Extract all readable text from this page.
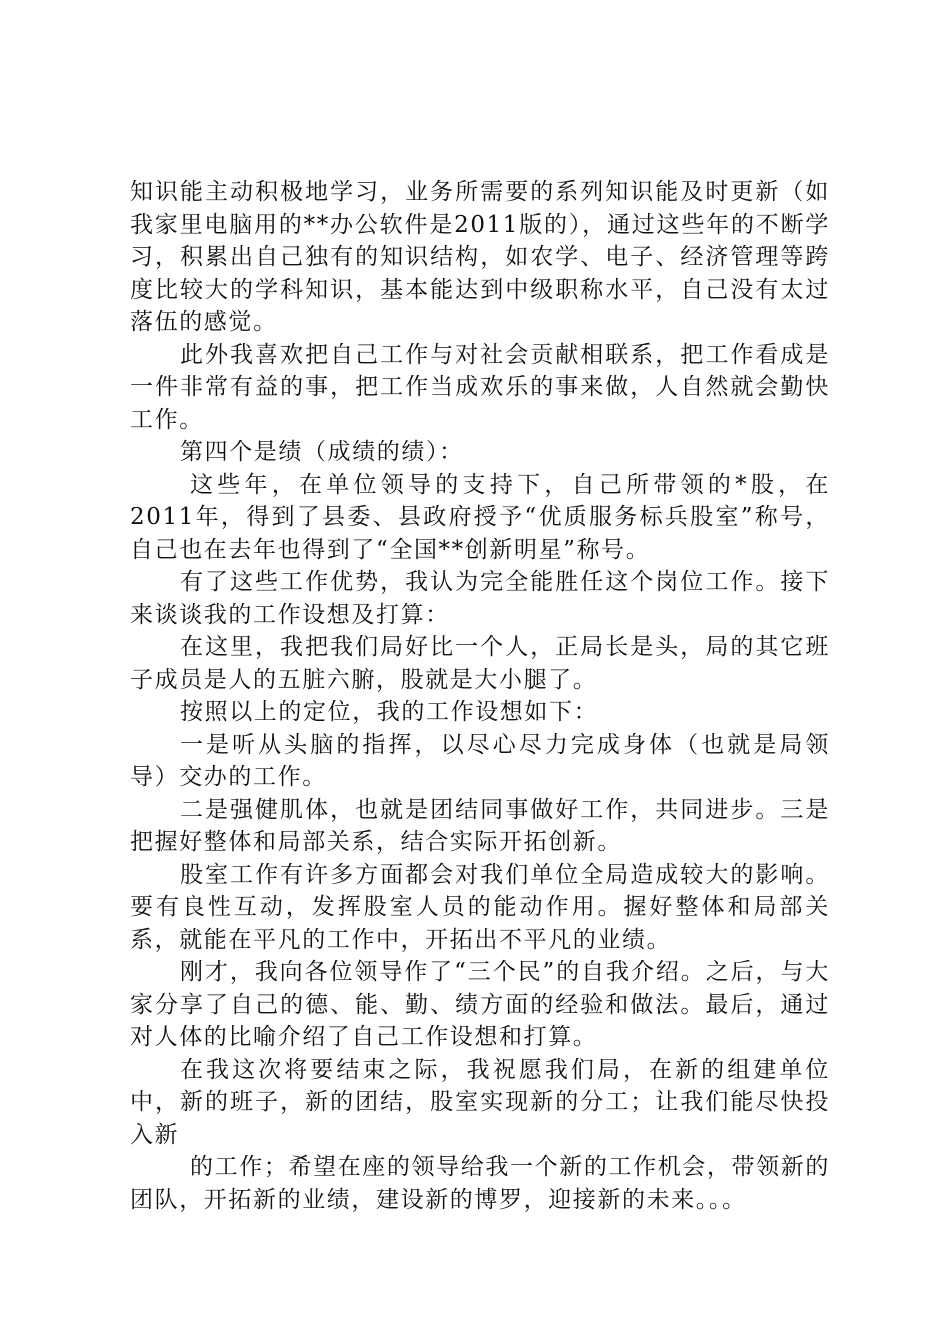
知识能主动积极地学习，业务所需要的系列知识能及时更新（如我家里电脑用的**办公软件是2011版的），通过这些年的不断学习，积累出自己独有的知识结构，如农学、电子、经济管理等跨度比较大的学科知识，基本能达到中级职称水平，自己没有太过落伍的感觉。

此外我喜欢把自己工作与对社会贡献相联系，把工作看成是一件非常有益的事，把工作当成欢乐的事来做，人自然就会勤快工作。

第四个是绩（成绩的绩）：

这些年，在单位领导的支持下，自己所带领的*股，在2011年，得到了县委、县政府授予“优质服务标兵股室”称号，自己也在去年也得到了“全国**创新明星”称号。

有了这些工作优势，我认为完全能胜任这个岗位工作。接下来谈谈我的工作设想及打算：

在这里，我把我们局好比一个人，正局长是头，局的其它班子成员是人的五脏六腑，股就是大小腿了。

按照以上的定位，我的工作设想如下：

一是听从头脑的指挥，以尽心尽力完成身体（也就是局领导）交办的工作。

二是强健肌体，也就是团结同事做好工作，共同进步。三是把握好整体和局部关系，结合实际开拓创新。

股室工作有许多方面都会对我们单位全局造成较大的影响。要有良性互动，发挥股室人员的能动作用。握好整体和局部关系，就能在平凡的工作中，开拓出不平凡的业绩。

刚才，我向各位领导作了“三个民”的自我介绍。之后，与大家分享了自己的德、能、勤、绩方面的经验和做法。最后，通过对人体的比喻介绍了自己工作设想和打算。

在我这次将要结束之际，我祝愿我们局，在新的组建单位中，新的班子，新的团结，股室实现新的分工；让我们能尽快投入新

的工作；希望在座的领导给我一个新的工作机会，带领新的团队，开拓新的业绩，建设新的博罗，迎接新的未来。。。
